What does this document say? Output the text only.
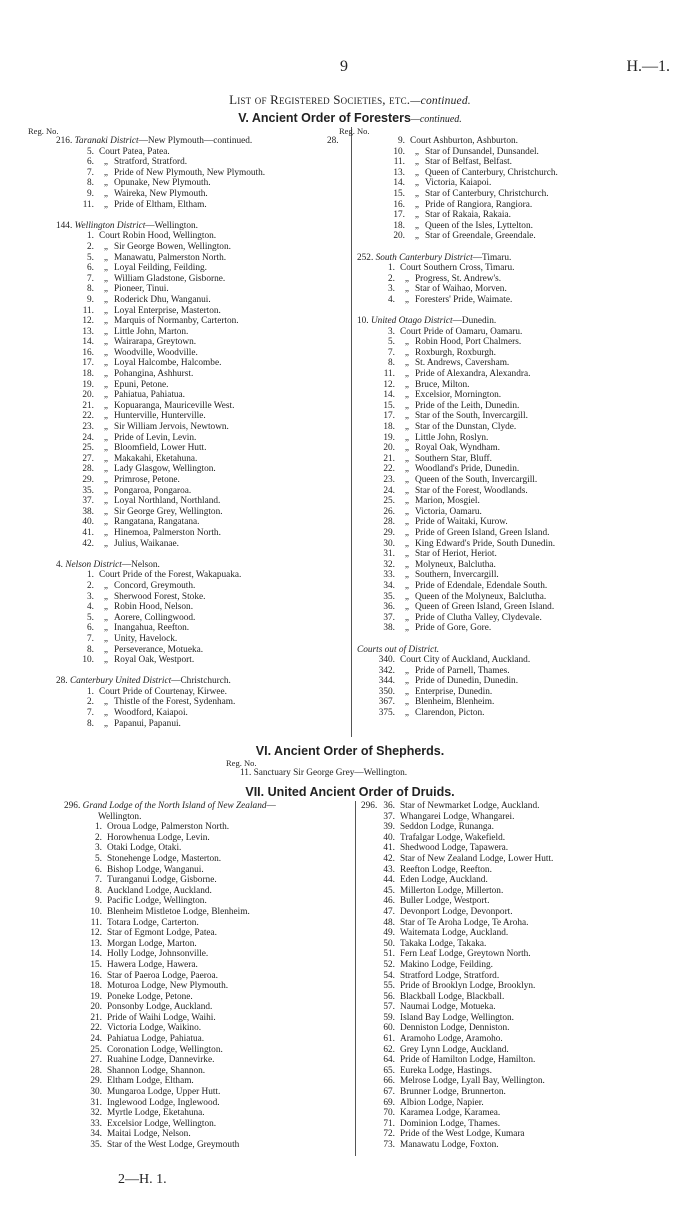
9	H.—1.
List of Registered Societies, etc.—continued.
V. Ancient Order of Foresters—continued.
Reg. No.
216. Taranaki District—New Plymouth—continued.
5. Court Patea, Patea.
6.	„ Stratford, Stratford.
7.	„ Pride of New Plymouth, New Plymouth.
8.	„ Opunake, New Plymouth.
9.	„ Waireka, New Plymouth.
11.	„ Pride of Eltham, Eltham.
144. Wellington District—Wellington.
1. Court Robin Hood, Wellington.
2.	„ Sir George Bowen, Wellington.
5.	„ Manawatu, Palmerston North.
6.	„ Loyal Feilding, Feilding.
7.	„ William Gladstone, Gisborne.
8.	„ Pioneer, Tinui.
9.	„ Roderick Dhu, Wanganui.
11.	„ Loyal Enterprise, Masterton.
12.	„ Marquis of Normanby, Carterton.
13.	„ Little John, Marton.
14.	„ Wairarapa, Greytown.
16.	„ Woodville, Woodville.
17.	„ Loyal Halcombe, Halcombe.
18.	„ Pohangina, Ashhurst.
19.	„ Epuni, Petone.
20.	„ Pahiatua, Pahiatua.
21.	„ Kopuaranga, Mauriceville West.
22.	„ Hunterville, Hunterville.
23.	„ Sir William Jervois, Newtown.
24.	„ Pride of Levin, Levin.
25.	„ Bloomfield, Lower Hutt.
27.	„ Makakahi, Eketahuna.
28.	„ Lady Glasgow, Wellington.
29.	„ Primrose, Petone.
35.	„ Pongaroa, Pongaroa.
37.	„ Loyal Northland, Northland.
38.	„ Sir George Grey, Wellington.
40.	„ Rangatana, Rangatana.
41.	„ Hinemoa, Palmerston North.
42.	„ Julius, Waikanae.
4. Nelson District—Nelson.
1. Court Pride of the Forest, Wakapuaka.
2.	„ Concord, Greymouth.
3.	„ Sherwood Forest, Stoke.
4.	„ Robin Hood, Nelson.
5.	„ Aorere, Collingwood.
6.	„ Inangahua, Reefton.
7.	„ Unity, Havelock.
8.	„ Perseverance, Motueka.
10.	„ Royal Oak, Westport.
28. Canterbury United District—Christchurch.
1. Court Pride of Courtenay, Kirwee.
2.	„ Thistle of the Forest, Sydenham.
7.	„ Woodford, Kaiapoi.
8.	„ Papanui, Papanui.
Reg. No.
28.	9. Court Ashburton, Ashburton.
10.	„ Star of Dunsandel, Dunsandel.
11.	„ Star of Belfast, Belfast.
13.	„ Queen of Canterbury, Christchurch.
14.	„ Victoria, Kaiapoi.
15.	„ Star of Canterbury, Christchurch.
16.	„ Pride of Rangiora, Rangiora.
17.	„ Star of Rakaia, Rakaia.
18.	„ Queen of the Isles, Lyttelton.
20.	„ Star of Greendale, Greendale.
252. South Canterbury District—Timaru.
1. Court Southern Cross, Timaru.
2.	„ Progress, St. Andrew's.
3.	„ Star of Waihao, Morven.
4.	„ Foresters' Pride, Waimate.
10. United Otago District—Dunedin.
3. Court Pride of Oamaru, Oamaru.
5.	„ Robin Hood, Port Chalmers.
7.	„ Roxburgh, Roxburgh.
8.	„ St. Andrews, Caversham.
11.	„ Pride of Alexandra, Alexandra.
12.	„ Bruce, Milton.
14.	„ Excelsior, Mornington.
15.	„ Pride of the Leith, Dunedin.
17.	„ Star of the South, Invercargill.
18.	„ Star of the Dunstan, Clyde.
19.	„ Little John, Roslyn.
20.	„ Royal Oak, Wyndham.
21.	„ Southern Star, Bluff.
22.	„ Woodland's Pride, Dunedin.
23.	„ Queen of the South, Invercargill.
24.	„ Star of the Forest, Woodlands.
25.	„ Marion, Mosgiel.
26.	„ Victoria, Oamaru.
28.	„ Pride of Waitaki, Kurow.
29.	„ Pride of Green Island, Green Island.
30.	„ King Edward's Pride, South Dunedin.
31.	„ Star of Heriot, Heriot.
32.	„ Molyneux, Balclutha.
33.	„ Southern, Invercargill.
34.	„ Pride of Edendale, Edendale South.
35.	„ Queen of the Molyneux, Balclutha.
36.	„ Queen of Green Island, Green Island.
37.	„ Pride of Clutha Valley, Clydevale.
38.	„ Pride of Gore, Gore.
Courts out of District.
340. Court City of Auckland, Auckland.
342.	„ Pride of Parnell, Thames.
344.	„ Pride of Dunedin, Dunedin.
350.	„ Enterprise, Dunedin.
367.	„ Blenheim, Blenheim.
375.	„ Clarendon, Picton.
VI. Ancient Order of Shepherds.
Reg. No.
11. Sanctuary Sir George Grey—Wellington.
VII. United Ancient Order of Druids.
296. Grand Lodge of the North Island of New Zealand—
Wellington.
1. Oroua Lodge, Palmerston North.
2. Horowhenua Lodge, Levin.
3. Otaki Lodge, Otaki.
5. Stonehenge Lodge, Masterton.
6. Bishop Lodge, Wanganui.
7. Turanganui Lodge, Gisborne.
8. Auckland Lodge, Auckland.
9. Pacific Lodge, Wellington.
10. Blenheim Mistletoe Lodge, Blenheim.
11. Totara Lodge, Carterton.
12. Star of Egmont Lodge, Patea.
13. Morgan Lodge, Marton.
14. Holly Lodge, Johnsonville.
15. Hawera Lodge, Hawera.
16. Star of Paeroa Lodge, Paeroa.
18. Moturoa Lodge, New Plymouth.
19. Poneke Lodge, Petone.
20. Ponsonby Lodge, Auckland.
21. Pride of Waihi Lodge, Waihi.
22. Victoria Lodge, Waikino.
24. Pahiatua Lodge, Pahiatua.
25. Coronation Lodge, Wellington.
27. Ruahine Lodge, Dannevirke.
28. Shannon Lodge, Shannon.
29. Eltham Lodge, Eltham.
30. Mungaroa Lodge, Upper Hutt.
31. Inglewood Lodge, Inglewood.
32. Myrtle Lodge, Eketahuna.
33. Excelsior Lodge, Wellington.
34. Maitai Lodge, Nelson.
35. Star of the West Lodge, Greymouth
296. 36. Star of Newmarket Lodge, Auckland.
37. Whangarei Lodge, Whangarei.
39. Seddon Lodge, Runanga.
40. Trafalgar Lodge, Wakefield.
41. Shedwood Lodge, Tapawera.
42. Star of New Zealand Lodge, Lower Hutt.
43. Reefton Lodge, Reefton.
44. Eden Lodge, Auckland.
45. Millerton Lodge, Millerton.
46. Buller Lodge, Westport.
47. Devonport Lodge, Devonport.
48. Star of Te Aroha Lodge, Te Aroha.
49. Waitemata Lodge, Auckland.
50. Takaka Lodge, Takaka.
51. Fern Leaf Lodge, Greytown North.
52. Makino Lodge, Feilding.
54. Stratford Lodge, Stratford.
55. Pride of Brooklyn Lodge, Brooklyn.
56. Blackball Lodge, Blackball.
57. Naumai Lodge, Motueka.
59. Island Bay Lodge, Wellington.
60. Denniston Lodge, Denniston.
61. Aramoho Lodge, Aramoho.
62. Grey Lynn Lodge, Auckland.
64. Pride of Hamilton Lodge, Hamilton.
65. Eureka Lodge, Hastings.
66. Melrose Lodge, Lyall Bay, Wellington.
67. Brunner Lodge, Brunnerton.
69. Albion Lodge, Napier.
70. Karamea Lodge, Karamea.
71. Dominion Lodge, Thames.
72. Pride of the West Lodge, Kumara
73. Manawatu Lodge, Foxton.
2—H. 1.
